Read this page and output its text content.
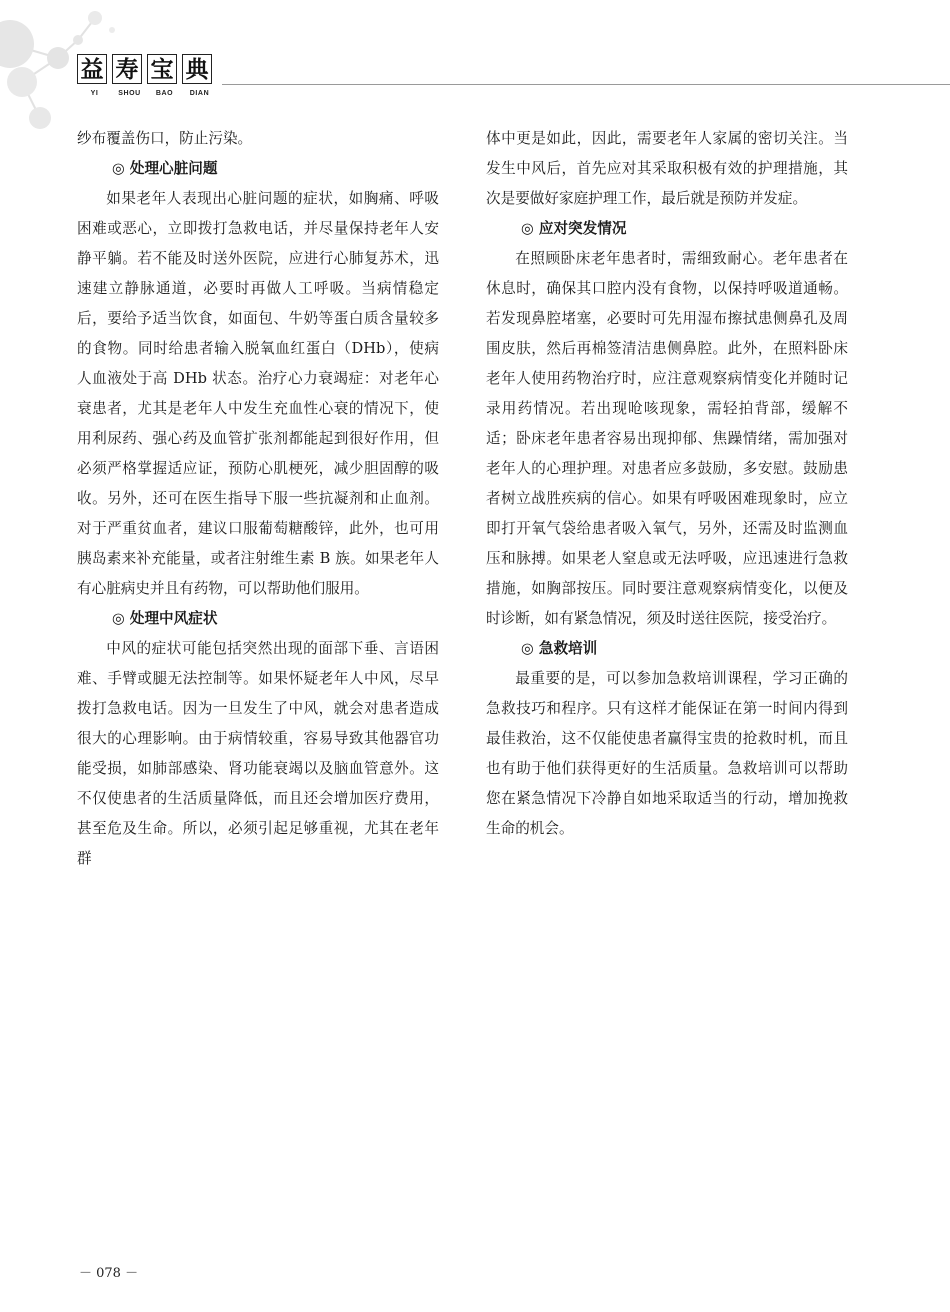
益 寿 宝 典
YI	SHOU	BAO	DIAN

纱布覆盖伤口，防止污染。

◎ 处理心脏问题

如果老年人表现出心脏问题的症状，如胸痛、呼吸困难或恶心，立即拨打急救电话，并尽量保持老年人安静平躺。若不能及时送外医院，应进行心肺复苏术，迅速建立静脉通道，必要时再做人工呼吸。当病情稳定后，要给予适当饮食，如面包、牛奶等蛋白质含量较多的食物。同时给患者输入脱氧血红蛋白（DHb），使病人血液处于高 DHb 状态。治疗心力衰竭症：对老年心衰患者，尤其是老年人中发生充血性心衰的情况下，使用利尿药、强心药及血管扩张剂都能起到很好作用，但必须严格掌握适应证，预防心肌梗死，减少胆固醇的吸收。另外，还可在医生指导下服一些抗凝剂和止血剂。对于严重贫血者，建议口服葡萄糖酸锌，此外，也可用胰岛素来补充能量，或者注射维生素 B 族。如果老年人有心脏病史并且有药物，可以帮助他们服用。

◎ 处理中风症状

中风的症状可能包括突然出现的面部下垂、言语困难、手臂或腿无法控制等。如果怀疑老年人中风，尽早拨打急救电话。因为一旦发生了中风，就会对患者造成很大的心理影响。由于病情较重，容易导致其他器官功能受损，如肺部感染、肾功能衰竭以及脑血管意外。这不仅使患者的生活质量降低，而且还会增加医疗费用，甚至危及生命。所以，必须引起足够重视，尤其在老年群

体中更是如此，因此，需要老年人家属的密切关注。当发生中风后，首先应对其采取积极有效的护理措施，其次是要做好家庭护理工作，最后就是预防并发症。

◎ 应对突发情况

在照顾卧床老年患者时，需细致耐心。老年患者在休息时，确保其口腔内没有食物，以保持呼吸道通畅。若发现鼻腔堵塞，必要时可先用湿布擦拭患侧鼻孔及周围皮肤，然后再棉签清洁患侧鼻腔。此外，在照料卧床老年人使用药物治疗时，应注意观察病情变化并随时记录用药情况。若出现呛咳现象，需轻拍背部，缓解不适；卧床老年患者容易出现抑郁、焦躁情绪，需加强对老年人的心理护理。对患者应多鼓励，多安慰。鼓励患者树立战胜疾病的信心。如果有呼吸困难现象时，应立即打开氧气袋给患者吸入氧气，另外，还需及时监测血压和脉搏。如果老人窒息或无法呼吸，应迅速进行急救措施，如胸部按压。同时要注意观察病情变化，以便及时诊断，如有紧急情况，须及时送往医院，接受治疗。

◎ 急救培训

最重要的是，可以参加急救培训课程，学习正确的急救技巧和程序。只有这样才能保证在第一时间内得到最佳救治，这不仅能使患者赢得宝贵的抢救时机，而且也有助于他们获得更好的生活质量。急救培训可以帮助您在紧急情况下冷静自如地采取适当的行动，增加挽救生命的机会。

－ 078 －
